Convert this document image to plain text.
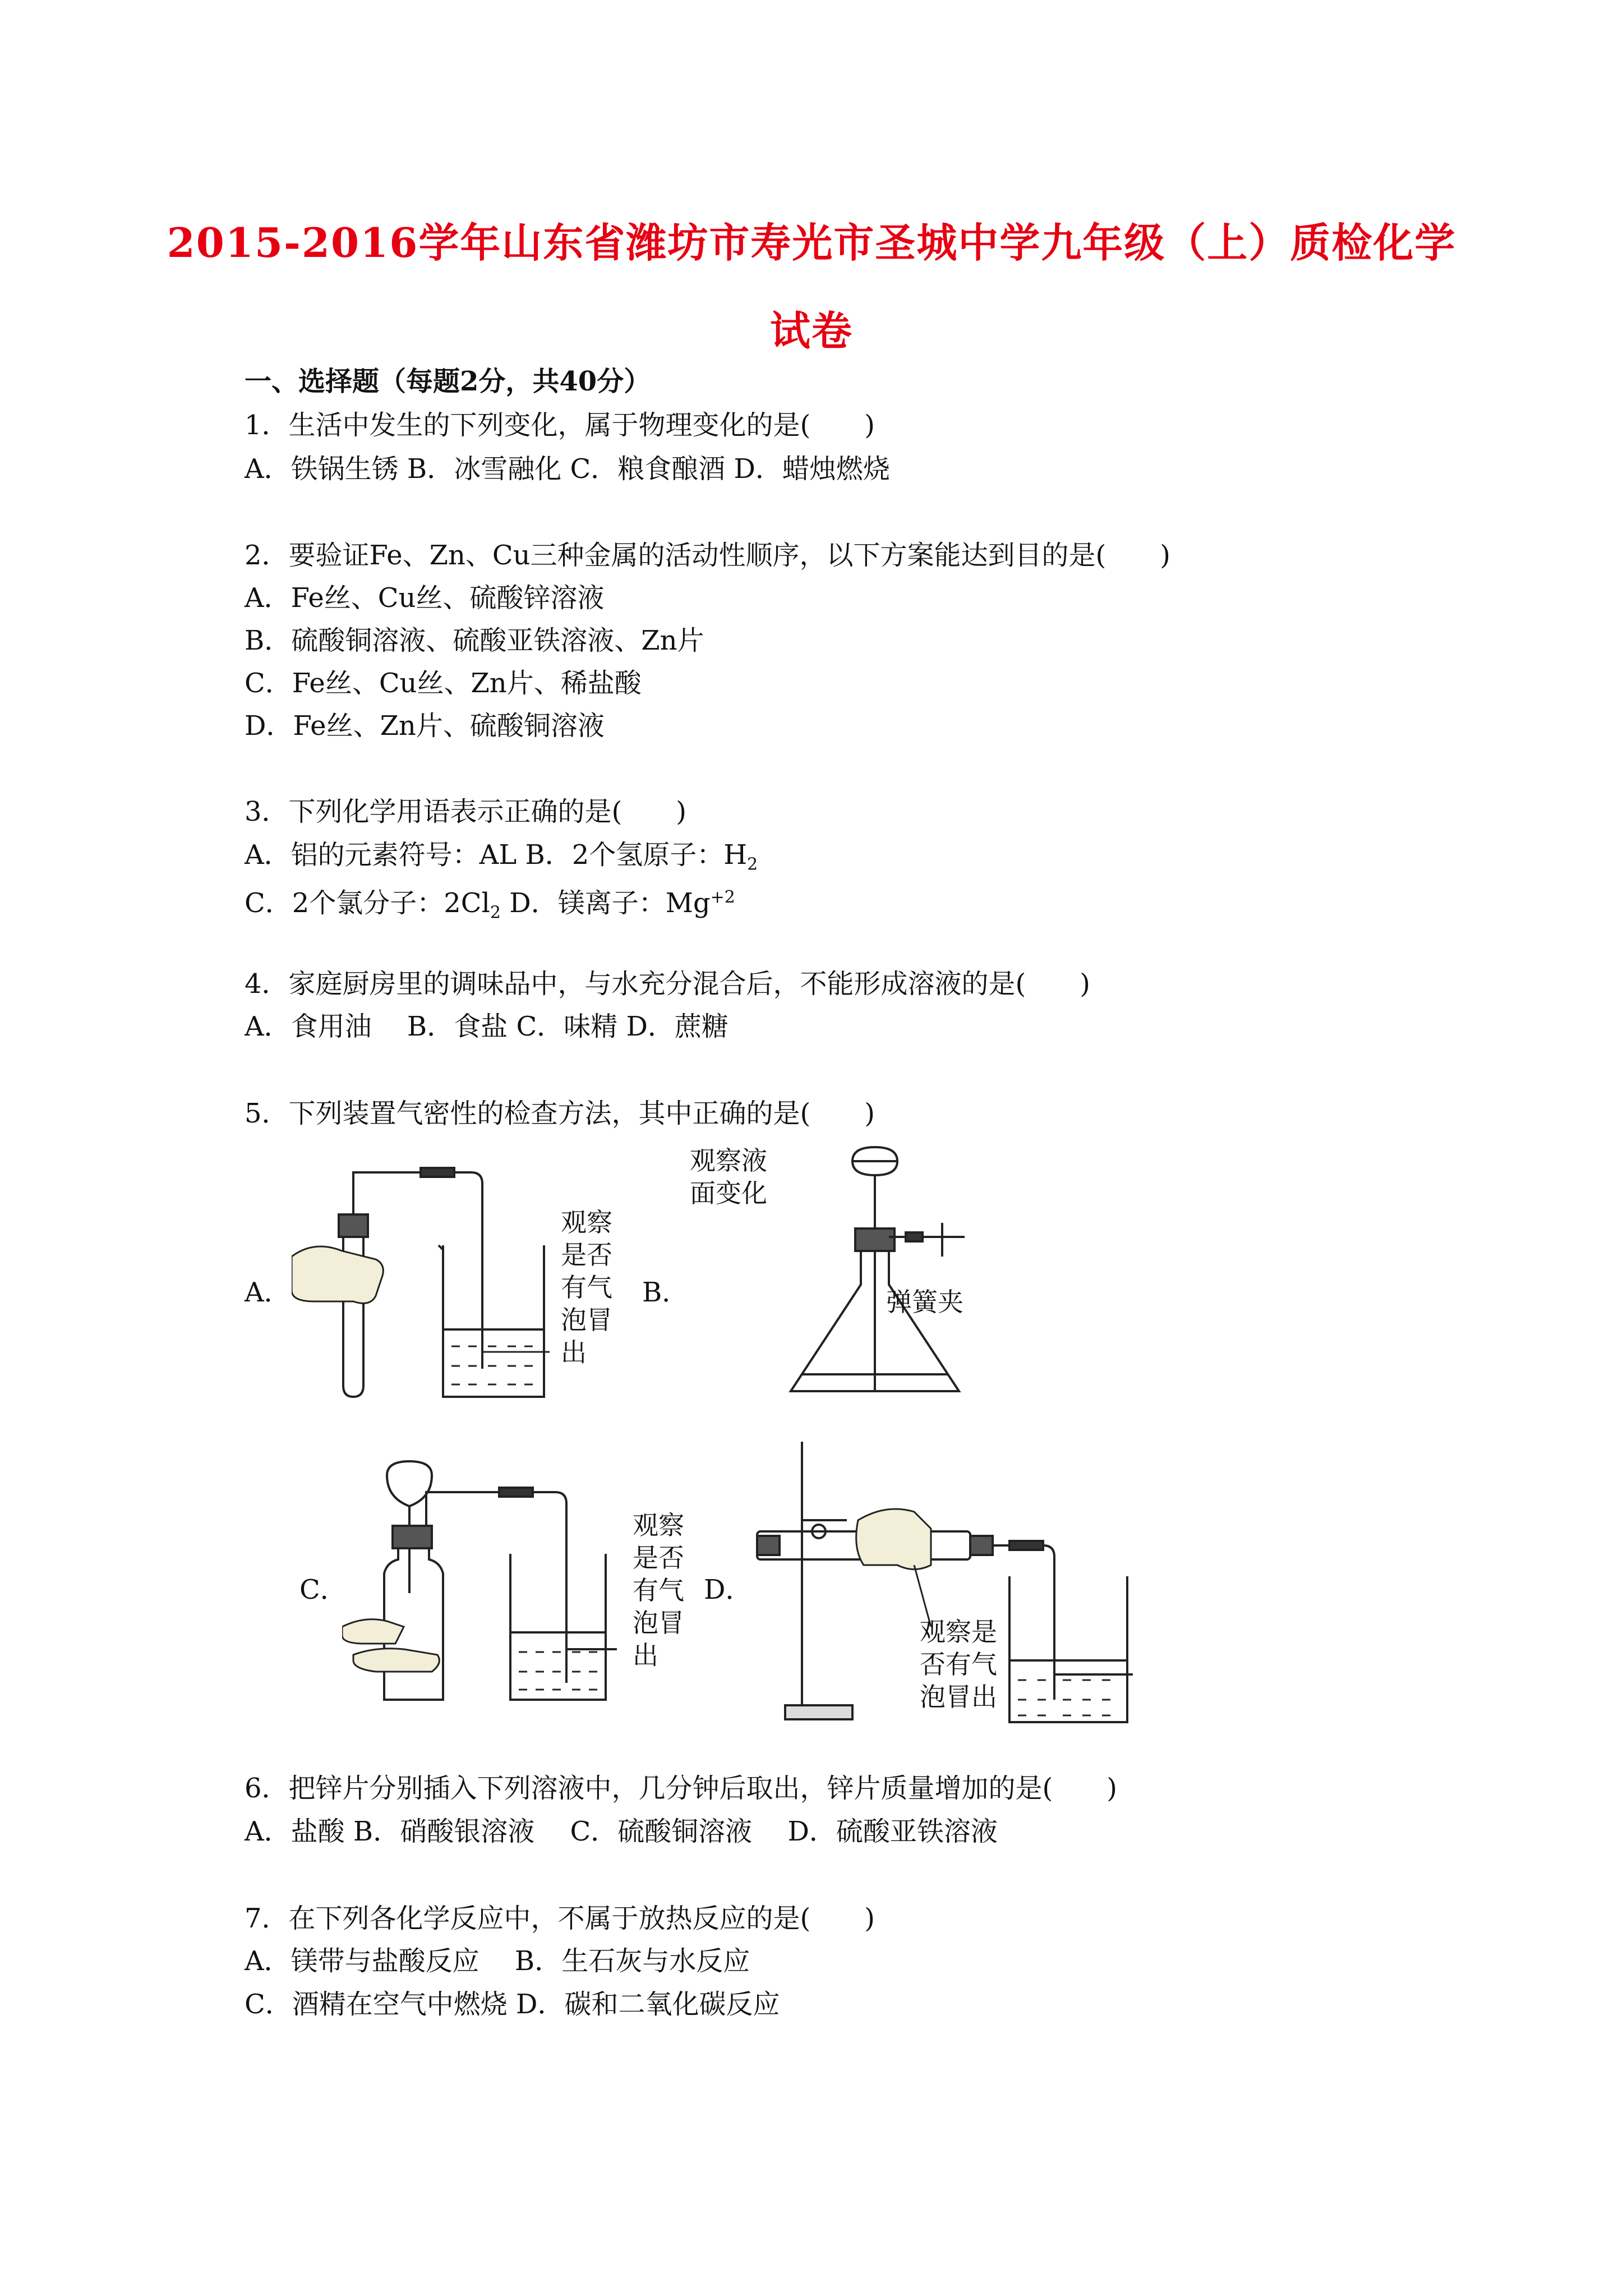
2015-2016学年山东省潍坊市寿光市圣城中学九年级（上）质检化学
试卷
一、选择题（每题2分，共40分）
1．生活中发生的下列变化，属于物理变化的是(　　)
A．铁锅生锈 B．冰雪融化 C．粮食酿酒 D．蜡烛燃烧
2．要验证Fe、Zn、Cu三种金属的活动性顺序，以下方案能达到目的是(　　)
A．Fe丝、Cu丝、硫酸锌溶液
B．硫酸铜溶液、硫酸亚铁溶液、Zn片
C．Fe丝、Cu丝、Zn片、稀盐酸
D．Fe丝、Zn片、硫酸铜溶液
3．下列化学用语表示正确的是(　　)
A．铝的元素符号：AL B．2个氢原子：$H_2$
C．2个氯分子：$2Cl_2$ D．镁离子：$Mg^{+2}$
4．家庭厨房里的调味品中，与水充分混合后，不能形成溶液的是(　　)
A．食用油　 B．食盐 C．味精 D．蔗糖
5．下列装置气密性的检查方法，其中正确的是(　　)
A．
观察
是否
有气
泡冒
出
B．
观察液
面变化
弹簧夹
C．
观察
是否
有气
泡冒
出
D．
观察是
否有气
泡冒出
6．把锌片分别插入下列溶液中，几分钟后取出，锌片质量增加的是(　　)
A．盐酸 B．硝酸银溶液　 C．硫酸铜溶液　 D．硫酸亚铁溶液
7．在下列各化学反应中，不属于放热反应的是(　　)
A．镁带与盐酸反应　 B．生石灰与水反应
C．酒精在空气中燃烧 D．碳和二氧化碳反应
